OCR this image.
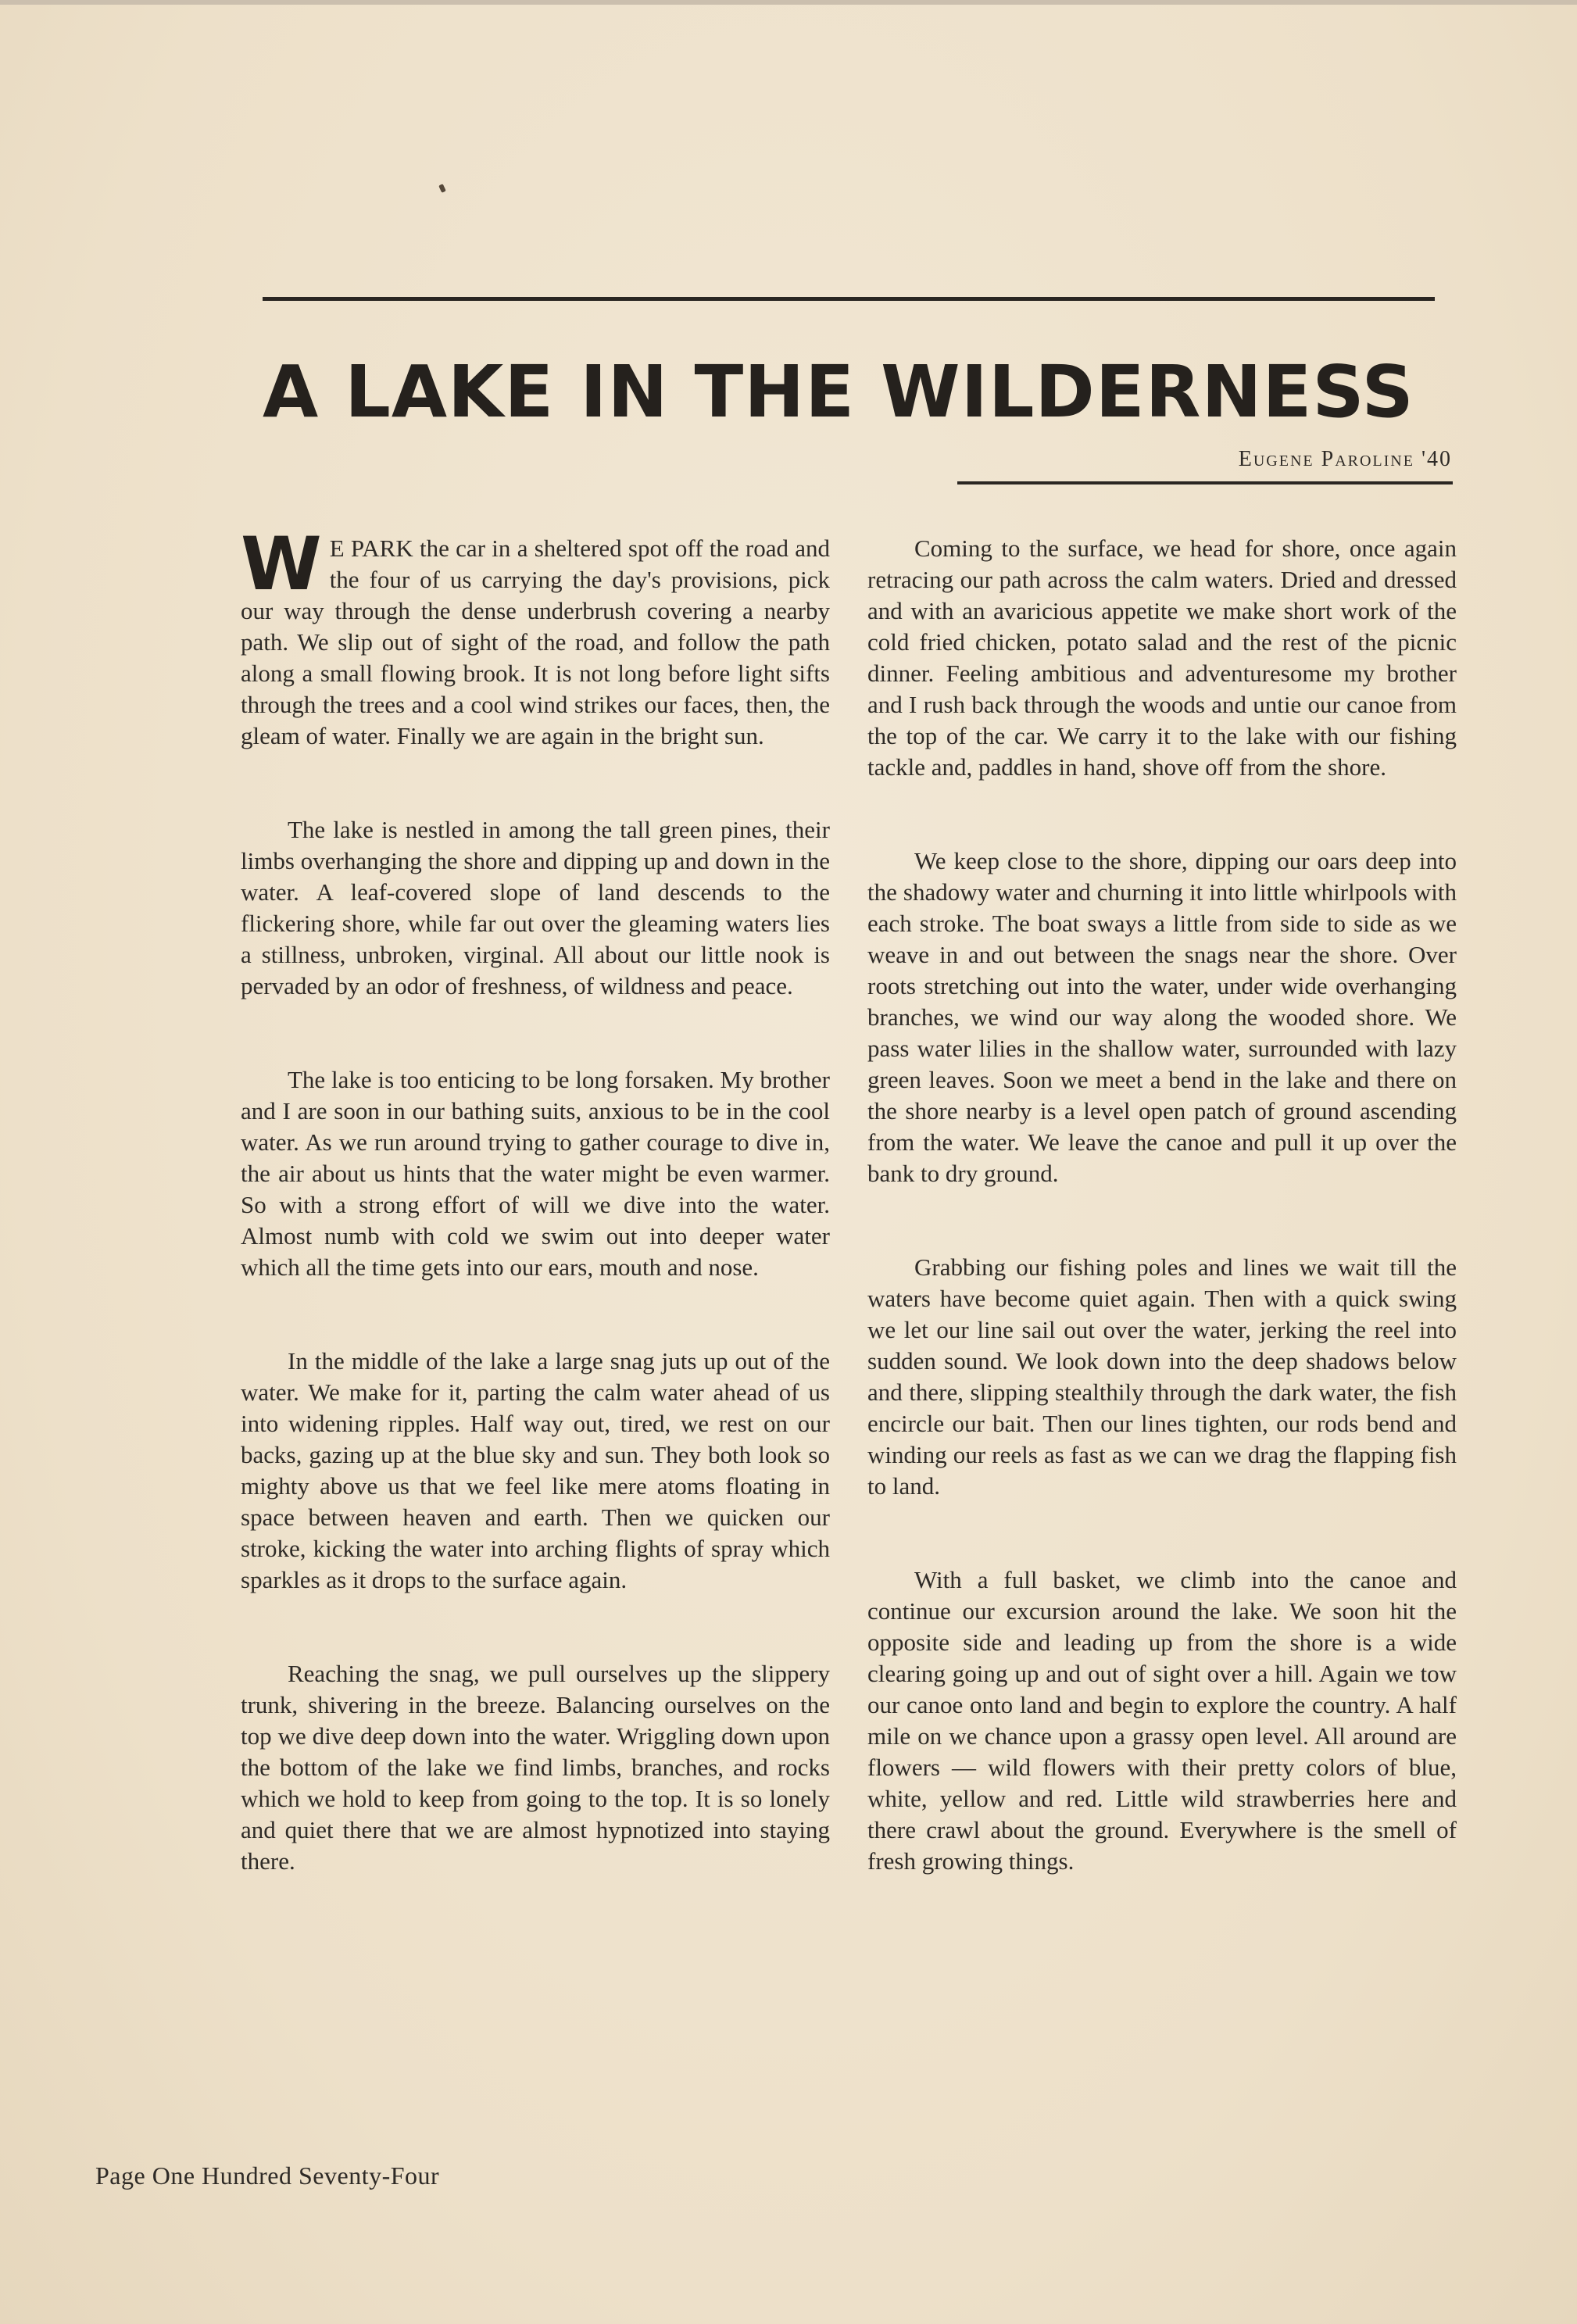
A LAKE IN THE WILDERNESS
Eugene Paroline '40

W E PARK the car in a sheltered spot off the road and the four of us carrying the day's provisions, pick our way through the dense underbrush covering a nearby path. We slip out of sight of the road, and follow the path along a small flowing brook. It is not long before light sifts through the trees and a cool wind strikes our faces, then, the gleam of water. Finally we are again in the bright sun.

The lake is nestled in among the tall green pines, their limbs overhanging the shore and dipping up and down in the water. A leaf-covered slope of land descends to the flickering shore, while far out over the gleaming waters lies a stillness, unbroken, virginal. All about our little nook is pervaded by an odor of freshness, of wildness and peace.

The lake is too enticing to be long forsaken. My brother and I are soon in our bathing suits, anxious to be in the cool water. As we run around trying to gather courage to dive in, the air about us hints that the water might be even warmer. So with a strong effort of will we dive into the water. Almost numb with cold we swim out into deeper water which all the time gets into our ears, mouth and nose.

In the middle of the lake a large snag juts up out of the water. We make for it, parting the calm water ahead of us into widening ripples. Half way out, tired, we rest on our backs, gazing up at the blue sky and sun. They both look so mighty above us that we feel like mere atoms floating in space between heaven and earth. Then we quicken our stroke, kicking the water into arching flights of spray which sparkles as it drops to the surface again.

Reaching the snag, we pull ourselves up the slippery trunk, shivering in the breeze. Balancing ourselves on the top we dive deep down into the water. Wriggling down upon the bottom of the lake we find limbs, branches, and rocks which we hold to keep from going to the top. It is so lonely and quiet there that we are almost hypnotized into staying there.

Coming to the surface, we head for shore, once again retracing our path across the calm waters. Dried and dressed and with an avaricious appetite we make short work of the cold fried chicken, potato salad and the rest of the picnic dinner. Feeling ambitious and adventuresome my brother and I rush back through the woods and untie our canoe from the top of the car. We carry it to the lake with our fishing tackle and, paddles in hand, shove off from the shore.

We keep close to the shore, dipping our oars deep into the shadowy water and churning it into little whirlpools with each stroke. The boat sways a little from side to side as we weave in and out between the snags near the shore. Over roots stretching out into the water, under wide overhanging branches, we wind our way along the wooded shore. We pass water lilies in the shallow water, surrounded with lazy green leaves. Soon we meet a bend in the lake and there on the shore nearby is a level open patch of ground ascending from the water. We leave the canoe and pull it up over the bank to dry ground.

Grabbing our fishing poles and lines we wait till the waters have become quiet again. Then with a quick swing we let our line sail out over the water, jerking the reel into sudden sound. We look down into the deep shadows below and there, slipping stealthily through the dark water, the fish encircle our bait. Then our lines tighten, our rods bend and winding our reels as fast as we can we drag the flapping fish to land.

With a full basket, we climb into the canoe and continue our excursion around the lake. We soon hit the opposite side and leading up from the shore is a wide clearing going up and out of sight over a hill. Again we tow our canoe onto land and begin to explore the country. A half mile on we chance upon a grassy open level. All around are flowers — wild flowers with their pretty colors of blue, white, yellow and red. Little wild strawberries here and there crawl about the ground. Everywhere is the smell of fresh growing things.

Page One Hundred Seventy-Four
